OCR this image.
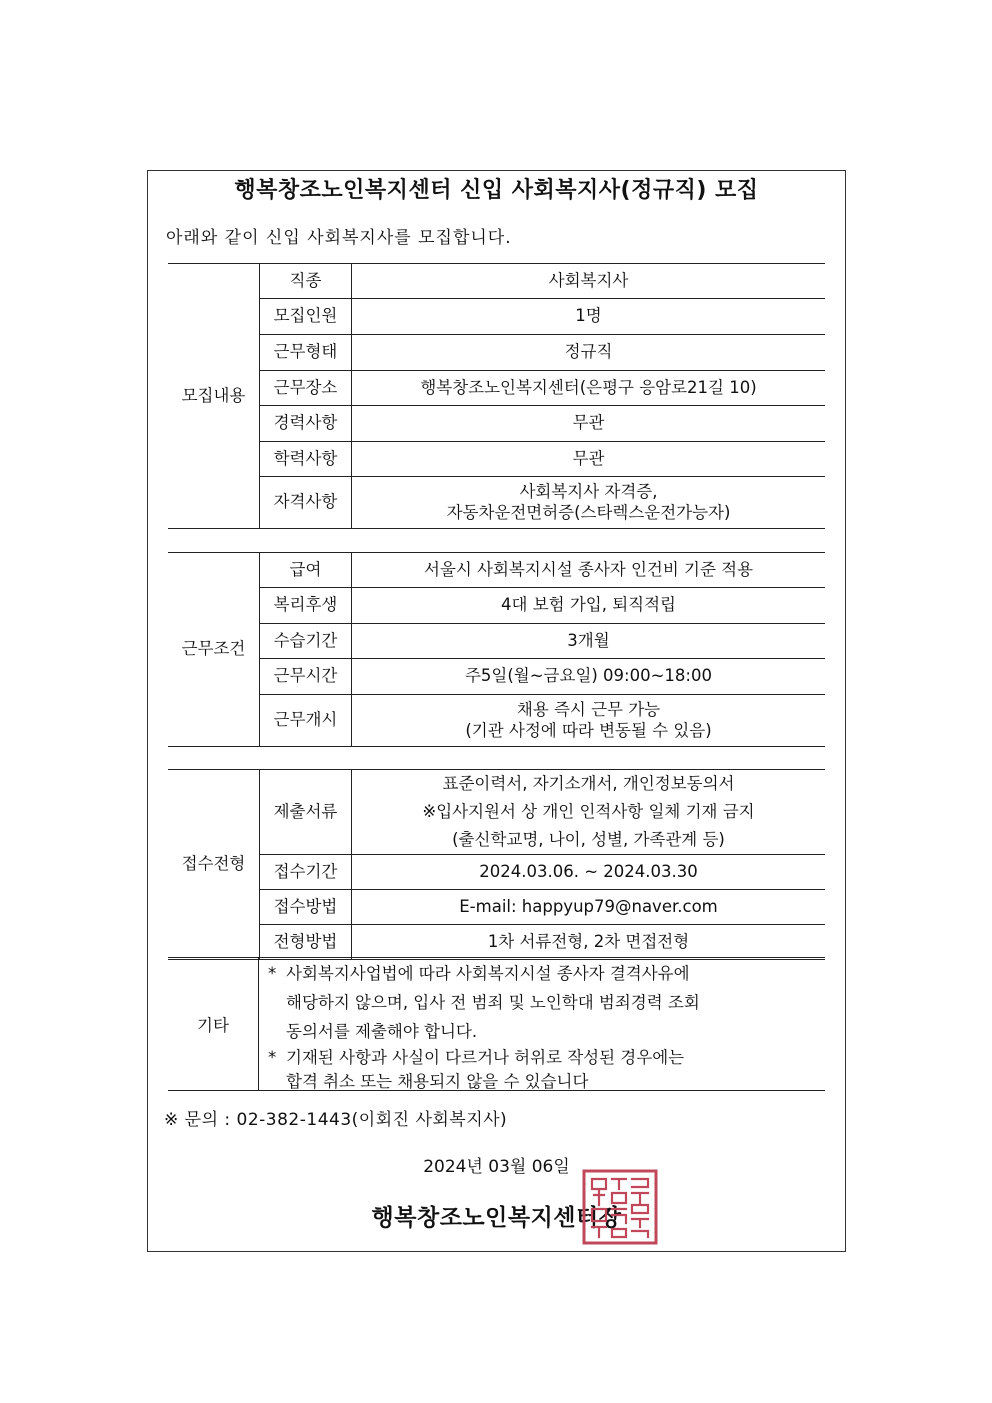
행복창조노인복지센터 신입 사회복지사(정규직) 모집
아래와 같이 신입 사회복지사를 모집합니다.
모집내용	직종	사회복지사
	모집인원	1명
	근무형태	정규직
	근무장소	행복창조노인복지센터(은평구 응암로21길 10)
	경력사항	무관
	학력사항	무관
	자격사항	사회복지사 자격증,
자동차운전면허증(스타렉스운전가능자)
근무조건	급여	서울시 사회복지시설 종사자 인건비 기준 적용
	복리후생	4대 보험 가입, 퇴직적립
	수습기간	3개월
	근무시간	주5일(월~금요일) 09:00~18:00
	근무개시	채용 즉시 근무 가능
(기관 사정에 따라 변동될 수 있음)
접수전형	제출서류	표준이력서, 자기소개서, 개인정보동의서
※입사지원서 상 개인 인적사항 일체 기재 금지
(출신학교명, 나이, 성별, 가족관계 등)

	접수기간	2024.03.06. ~ 2024.03.30
	접수방법	E-mail: happyup79@naver.com
	전형방법	1차 서류전형, 2차 면접전형
기타
* 사회복지사업법에 따라 사회복지시설 종사자 결격사유에
해당하지 않으며, 입사 전 범죄 및 노인학대 범죄경력 조회
동의서를 제출해야 합니다.
* 기재된 사항과 사실이 다르거나 허위로 작성된 경우에는
합격 취소 또는 채용되지 않을 수 있습니다
※ 문의 : 02-382-1443(이회진 사회복지사)
2024년 03월 06일
행복창조노인복지센터장
